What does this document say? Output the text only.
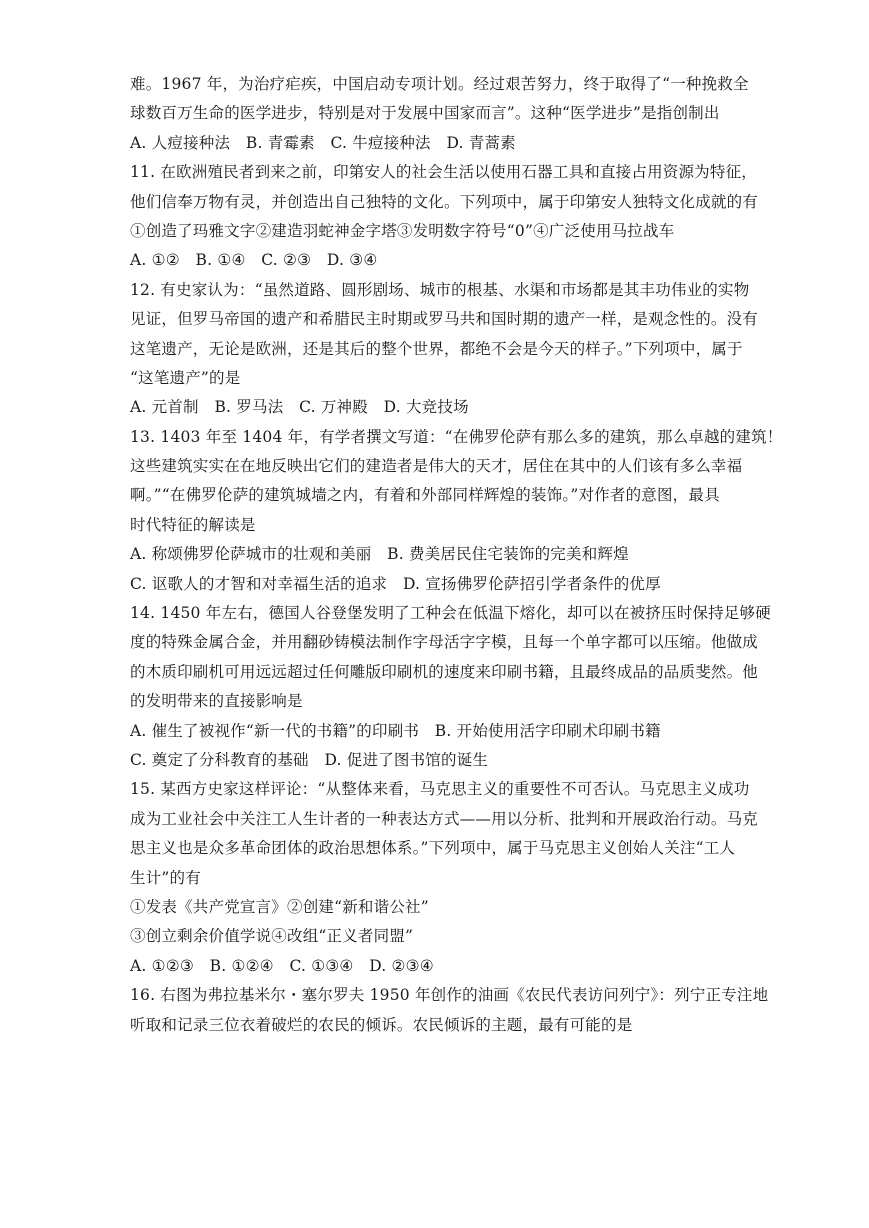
难。1967 年，为治疗疟疾，中国启动专项计划。经过艰苦努力，终于取得了“一种挽救全
球数百万生命的医学进步，特别是对于发展中国家而言”。这种“医学进步”是指创制出
A. 人痘接种法　B. 青霉素　C. 牛痘接种法　D. 青蒿素
11. 在欧洲殖民者到来之前，印第安人的社会生活以使用石器工具和直接占用资源为特征，
他们信奉万物有灵，并创造出自己独特的文化。下列项中，属于印第安人独特文化成就的有
①创造了玛雅文字②建造羽蛇神金字塔③发明数字符号“0”④广泛使用马拉战车
A. ①②　B. ①④　C. ②③　D. ③④
12. 有史家认为：“虽然道路、圆形剧场、城市的根基、水渠和市场都是其丰功伟业的实物
见证，但罗马帝国的遗产和希腊民主时期或罗马共和国时期的遗产一样，是观念性的。没有
这笔遗产，无论是欧洲，还是其后的整个世界，都绝不会是今天的样子。”下列项中，属于
“这笔遗产”的是
A. 元首制　B. 罗马法　C. 万神殿　D. 大竞技场
13. 1403 年至 1404 年，有学者撰文写道：“在佛罗伦萨有那么多的建筑，那么卓越的建筑！
这些建筑实实在在地反映出它们的建造者是伟大的天才，居住在其中的人们该有多么幸福
啊。”“在佛罗伦萨的建筑城墙之内，有着和外部同样辉煌的装饰。”对作者的意图，最具
时代特征的解读是
A. 称颂佛罗伦萨城市的壮观和美丽　B. 费美居民住宅装饰的完美和辉煌
C. 讴歌人的才智和对幸福生活的追求　D. 宣扬佛罗伦萨招引学者条件的优厚
14. 1450 年左右，德国人谷登堡发明了工种会在低温下熔化，却可以在被挤压时保持足够硬
度的特殊金属合金，并用翻砂铸模法制作字母活字字模，且每一个单字都可以压缩。他做成
的木质印刷机可用远远超过任何雕版印刷机的速度来印刷书籍，且最终成品的品质斐然。他
的发明带来的直接影响是
A. 催生了被视作“新一代的书籍”的印刷书　B. 开始使用活字印刷术印刷书籍
C. 奠定了分科教育的基础　D. 促进了图书馆的诞生
15. 某西方史家这样评论：“从整体来看，马克思主义的重要性不可否认。马克思主义成功
成为工业社会中关注工人生计者的一种表达方式——用以分析、批判和开展政治行动。马克
思主义也是众多革命团体的政治思想体系。”下列项中，属于马克思主义创始人关注“工人
生计”的有
①发表《共产党宣言》②创建“新和谐公社”
③创立剩余价值学说④改组“正义者同盟”
A. ①②③　B. ①②④　C. ①③④　D. ②③④
16. 右图为弗拉基米尔・塞尔罗夫 1950 年创作的油画《农民代表访问列宁》：列宁正专注地
听取和记录三位衣着破烂的农民的倾诉。农民倾诉的主题，最有可能的是
